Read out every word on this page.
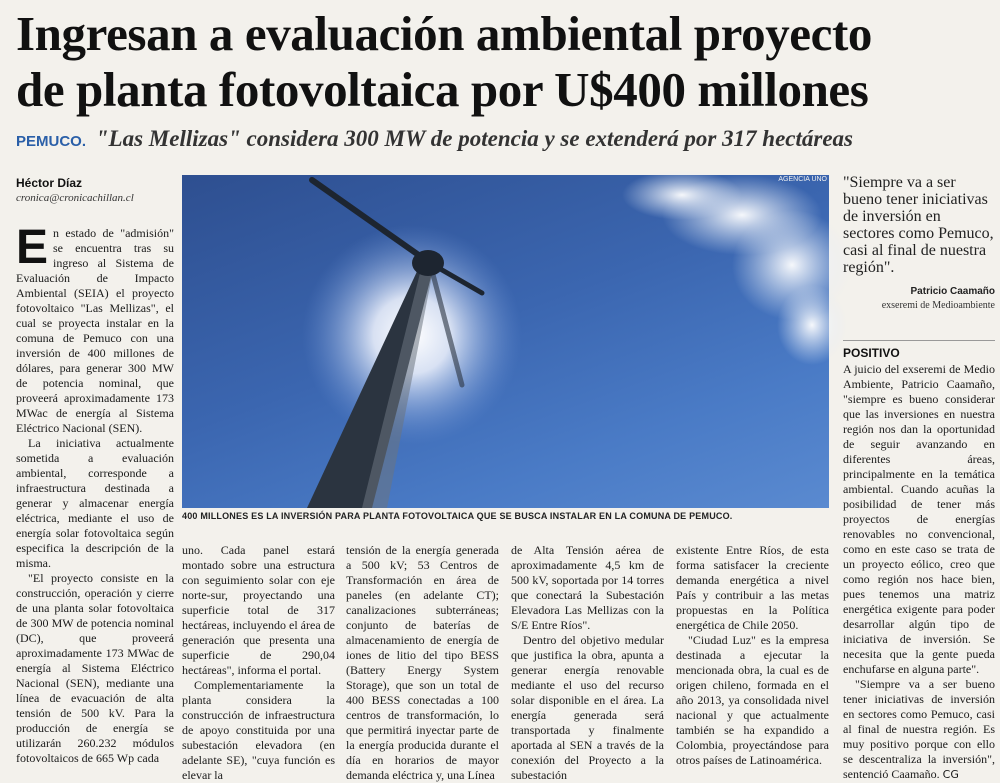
Ingresan a evaluación ambiental proyecto
de planta fotovoltaica por U$400 millones
PEMUCO. "Las Mellizas" considera 300 MW de potencia y se extenderá por 317 hectáreas
Héctor Díaz
cronica@cronicachillan.cl

En estado de "admisión" se encuentra tras su ingreso al Sistema de Evaluación de Impacto Ambiental (SEIA) el proyecto fotovoltaico "Las Mellizas", el cual se proyecta instalar en la comuna de Pemuco con una inversión de 400 millones de dólares, para generar 300 MW de potencia nominal, que proveerá aproximadamente 173 MWac de energía al Sistema Eléctrico Nacional (SEN).

La iniciativa actualmente sometida a evaluación ambiental, corresponde a infraestructura destinada a generar y almacenar energía eléctrica, mediante el uso de energía solar fotovoltaica según especifica la descripción de la misma.

"El proyecto consiste en la construcción, operación y cierre de una planta solar fotovoltaica de 300 MW de potencia nominal (DC), que proveerá aproximadamente 173 MWac de energía al Sistema Eléctrico Nacional (SEN), mediante una línea de evacuación de alta tensión de 500 kV. Para la producción de energía se utilizarán 260.232 módulos fotovoltaicos de 665 Wp cada

AGENCIA UNO
400 MILLONES ES LA INVERSIÓN PARA PLANTA FOTOVOLTAICA QUE SE BUSCA INSTALAR EN LA COMUNA DE PEMUCO.

uno. Cada panel estará montado sobre una estructura con seguimiento solar con eje norte-sur, proyectando una superficie total de 317 hectáreas, incluyendo el área de generación que presenta una superficie de 290,04 hectáreas", informa el portal.

Complementariamente la planta considera la construcción de infraestructura de apoyo constituida por una subestación elevadora (en adelante SE), "cuya función es elevar la

tensión de la energía generada a 500 kV; 53 Centros de Transformación en área de paneles (en adelante CT); canalizaciones subterráneas; conjunto de baterías de almacenamiento de energía de iones de litio del tipo BESS (Battery Energy System Storage), que son un total de 400 BESS conectadas a 100 centros de transformación, lo que permitirá inyectar parte de la energía producida durante el día en horarios de mayor demanda eléctrica y, una Línea

de Alta Tensión aérea de aproximadamente 4,5 km de 500 kV, soportada por 14 torres que conectará la Subestación Elevadora Las Mellizas con la S/E Entre Ríos".

Dentro del objetivo medular que justifica la obra, apunta a generar energía renovable mediante el uso del recurso solar disponible en el área. La energía generada será transportada y finalmente aportada al SEN a través de la conexión del Proyecto a la subestación

existente Entre Ríos, de esta forma satisfacer la creciente demanda energética a nivel País y contribuir a las metas propuestas en la Política energética de Chile 2050.

"Ciudad Luz" es la empresa destinada a ejecutar la mencionada obra, la cual es de origen chileno, formada en el año 2013, ya consolidada nivel nacional y que actualmente también se ha expandido a Colombia, proyectándose para otros países de Latinoamérica.

"Siempre va a ser bueno tener iniciativas de inversión en sectores como Pemuco, casi al final de nuestra región".
Patricio Caamaño
exseremi de Medioambiente
POSITIVO

A juicio del exseremi de Medio Ambiente, Patricio Caamaño, "siempre es bueno considerar que las inversiones en nuestra región nos dan la oportunidad de seguir avanzando en diferentes áreas, principalmente en la temática ambiental. Cuando acuñas la posibilidad de tener más proyectos de energías renovables no convencional, como en este caso se trata de un proyecto eólico, creo que como región nos hace bien, pues tenemos una matriz energética exigente para poder desarrollar algún tipo de iniciativa de inversión. Se necesita que la gente pueda enchufarse en alguna parte".

"Siempre va a ser bueno tener iniciativas de inversión en sectores como Pemuco, casi al final de nuestra región. Es muy positivo porque con ello se descentraliza la inversión", sentenció Caamaño. CG
